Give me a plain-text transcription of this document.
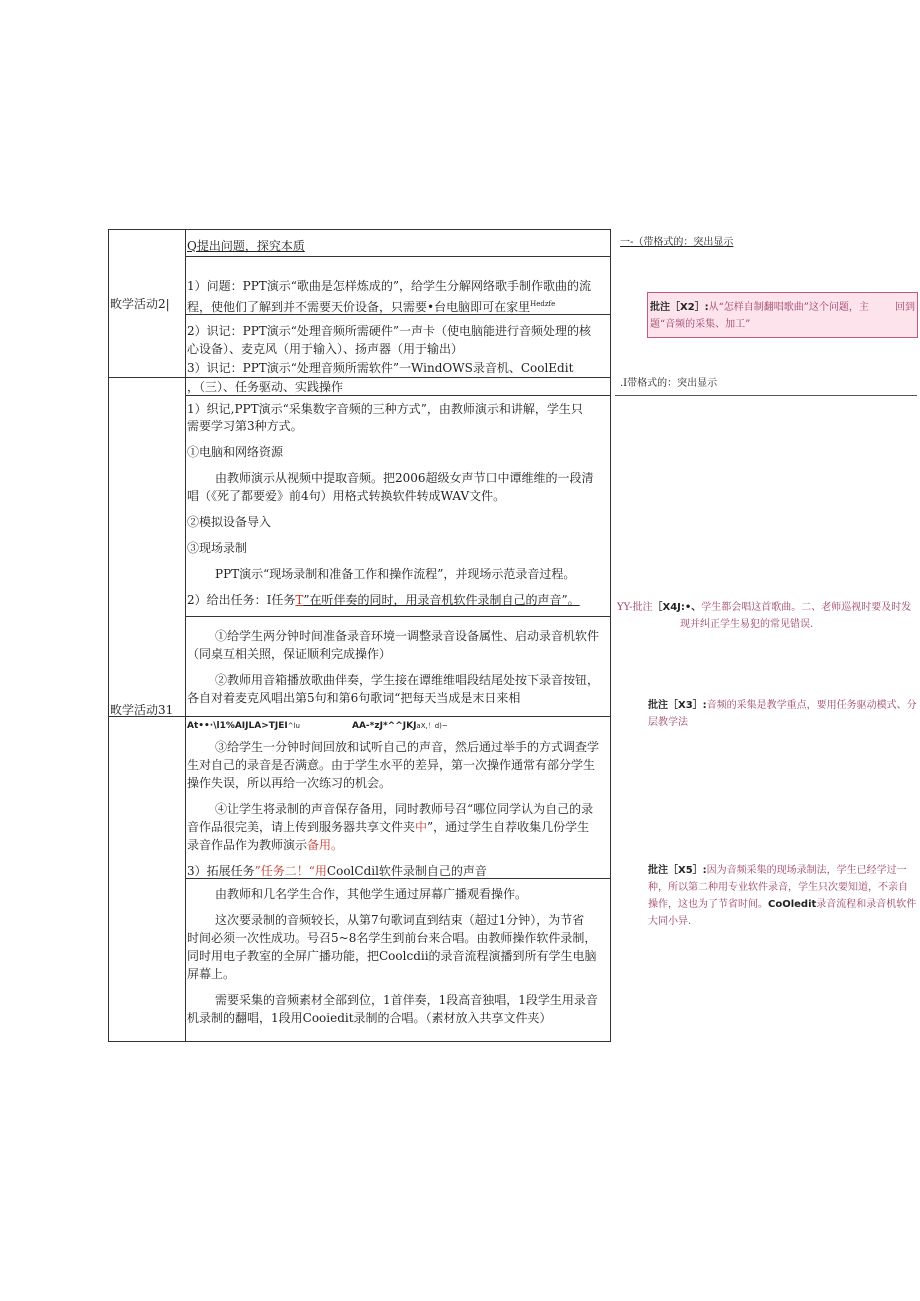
畋学活动2|
畋学活动31
Q提出问题，探究本质
1）问题：PPT演示“歌曲是怎样炼成的”，给学生分解网络歌手制作歌曲的流
程，使他们了解到并不需要天价设备，只需要•台电脑即可在家里$^{Hedzfe}$
2）识记：PPT演示“处理音频所需硬件”一声卡（使电脑能进行音频处理的核
心设备）、麦克风（用于输入）、扬声器（用于输出）
3）识记：PPT演示“处理音频所需软件”一WindOWS录音机、CoolEdit
，（三）、任务驱动、实践操作
1）织记,PPT演示“采集数字音频的三种方式”，由教师演示和讲解，学生只
需要学习第3种方式。
①电脑和网络资源
由教师演示从视频中提取音频。把2006超级女声节口中谭维维的一段清
唱（《死了都要爱》前4句）用格式转换软件转成WAV文件。
②模拟设备导入
③现场录制
PPT演示“现场录制和准备工作和操作流程”，并现场示范录音过程。
2）给出任务：I任务T”在听伴奏的同时，用录音机软件录制自己的声音”。
①给学生两分钟时间准备录音环境一调整录音设备属性、启动录音机软件
（同桌互相关照，保证顺利完成操作）
②教师用音箱播放歌曲伴奏，学生接在谭维维唱段结尾处按下录音按钮，
各自对着麦克风唱出第5句和第6句歌词“把每天当成是末日来相
At••·\l1%AIJLA>TJEI^lu	AA-*zJ*^^JKJaX,！d)~
③给学生一分钟时间回放和试听自己的声音，然后通过举手的方式调查学
生对自己的录音是否满意。由于学生水平的差异，第一次操作通常有部分学生
操作失误，所以再给一次练习的机会。
④让学生将录制的声音保存备用，同时教师号召“哪位同学认为自己的录
音作品很完美，请上传到服务器共享文件夹中”，通过学生自荐收集几份学生
录音作品作为教师演示备用。
3）拓展任务”任务二！“用CoolCdil软件录制自己的声音
由教师和几名学生合作，其他学生通过屏幕广播观看操作。
这次要录制的音频较长，从第7句歌词直到结束（超过1分钟），为节省
时间必须一次性成功。号召5~8名学生到前台来合唱。由教师操作软件录制，
同时用电子教室的全屏广播功能，把Coolcdii的录音流程演播到所有学生电脑
屏幕上。
需要采集的音频素材全部到位，1首伴奏，1段高音独唱，1段学生用录音
机录制的翻唱，1段用Cooiedit录制的合唱。（素材放入共享文件夹）
一-（带格式的：突出显示
批注［X2］:从“怎样自制翻唱歌曲”这个问题，主
题“音频的采集、加工”
回到
.I带格式的：突出显示
YY-批注［X4J:•、学生都会唱这首歌曲。二、老师巡视时要及时发
现并纠正学生易犯的常见错误.
批注［X3］:音频的采集是教学重点，要用任务驱动模式、分
层教学法
批注［X5］:因为音频采集的现场录制法，学生已经学过一
种，所以第二种用专业软件录音，学生只次要知道，不亲自
操作，这也为了节省时间。CoOledit录音流程和录音机软件
大同小异.
